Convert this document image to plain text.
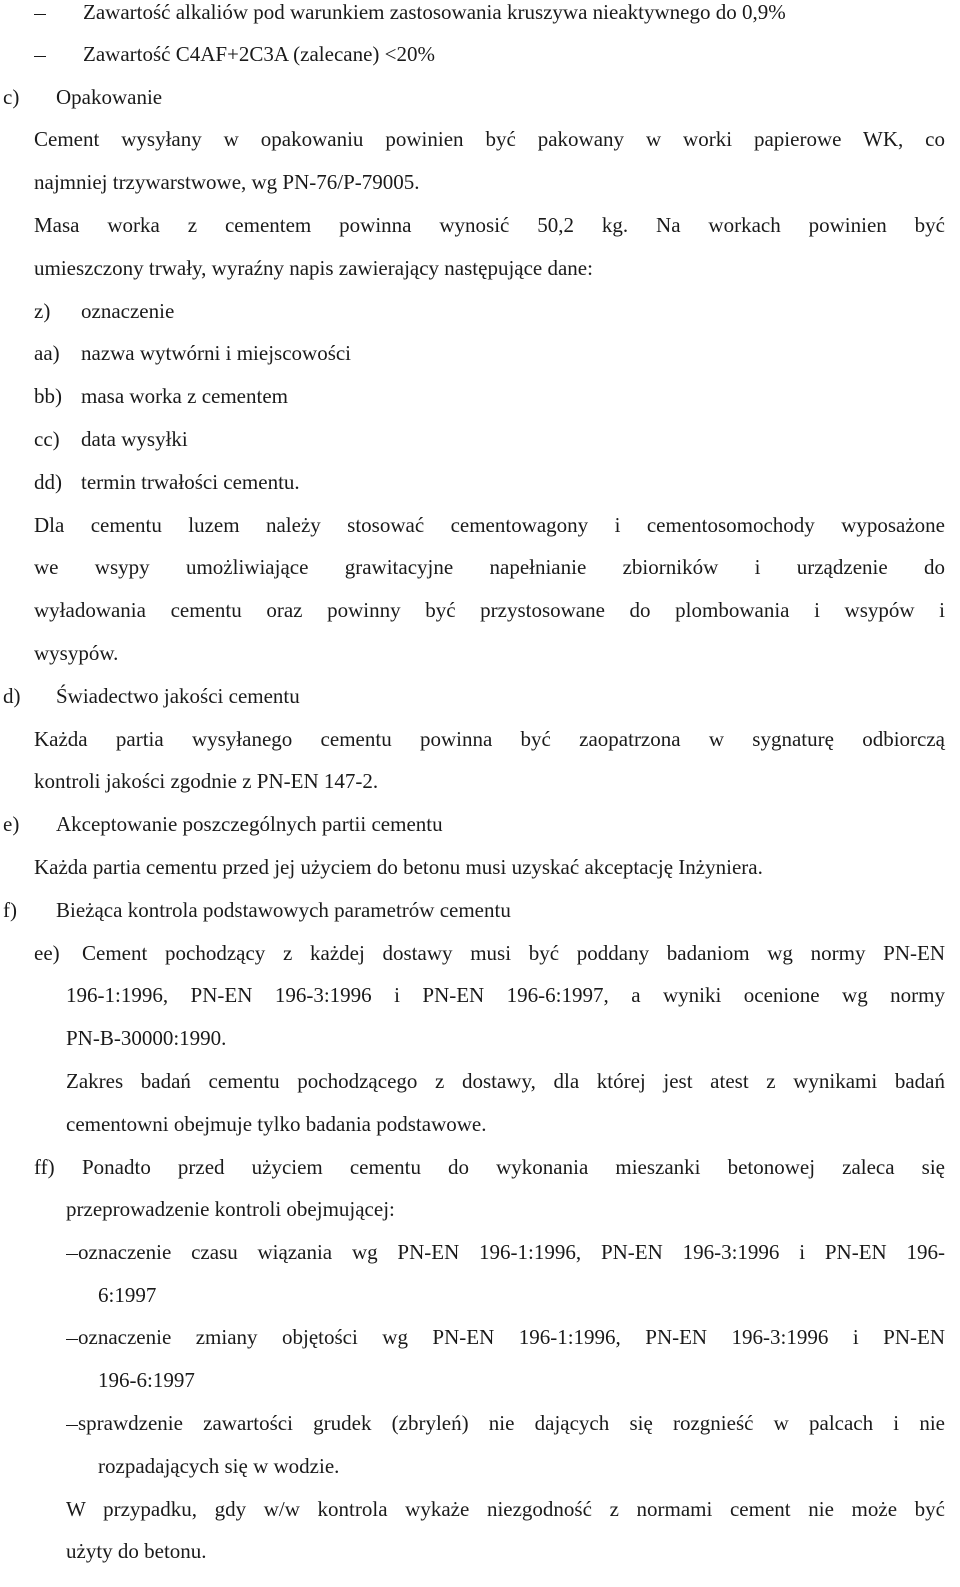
Zawartość alkaliów pod warunkiem zastosowania kruszywa nieaktywnego do 0,9%
Zawartość C4AF+2C3A (zalecane) <20%
c) Opakowanie
Cement wysyłany w opakowaniu powinien być pakowany w worki papierowe WK, co
najmniej trzywarstwowe, wg PN-76/P-79005.
Masa worka z cementem powinna wynosić 50,2 kg. Na workach powinien być
umieszczony trwały, wyraźny napis zawierający następujące dane:
z) oznaczenie
aa) nazwa wytwórni i miejscowości
bb) masa worka z cementem
cc) data wysyłki
dd) termin trwałości cementu.
Dla cementu luzem należy stosować cementowagony i cementosomochody wyposażone
we wsypy umożliwiające grawitacyjne napełnianie zbiorników i urządzenie do
wyładowania cementu oraz powinny być przystosowane do plombowania i wsypów i
wysypów.
d) Świadectwo jakości cementu
Każda partia wysyłanego cementu powinna być zaopatrzona w sygnaturę odbiorczą
kontroli jakości zgodnie z PN-EN 147-2.
e) Akceptowanie poszczególnych partii cementu
Każda partia cementu przed jej użyciem do betonu musi uzyskać akceptację Inżyniera.
f) Bieżąca kontrola podstawowych parametrów cementu
ee) Cement pochodzący z każdej dostawy musi być poddany badaniom wg normy PN-EN
196-1:1996, PN-EN 196-3:1996 i PN-EN 196-6:1997, a wyniki ocenione wg normy
PN-B-30000:1990.
Zakres badań cementu pochodzącego z dostawy, dla której jest atest z wynikami badań
cementowni obejmuje tylko badania podstawowe.
ff) Ponadto przed użyciem cementu do wykonania mieszanki betonowej zaleca się
przeprowadzenie kontroli obejmującej:
oznaczenie czasu wiązania wg PN-EN 196-1:1996, PN-EN 196-3:1996 i PN-EN 196-
6:1997
oznaczenie zmiany objętości wg PN-EN 196-1:1996, PN-EN 196-3:1996 i PN-EN
196-6:1997
sprawdzenie zawartości grudek (zbryleń) nie dających się rozgnieść w palcach i nie
rozpadających się w wodzie.
W przypadku, gdy w/w kontrola wykaże niezgodność z normami cement nie może być
użyty do betonu.
